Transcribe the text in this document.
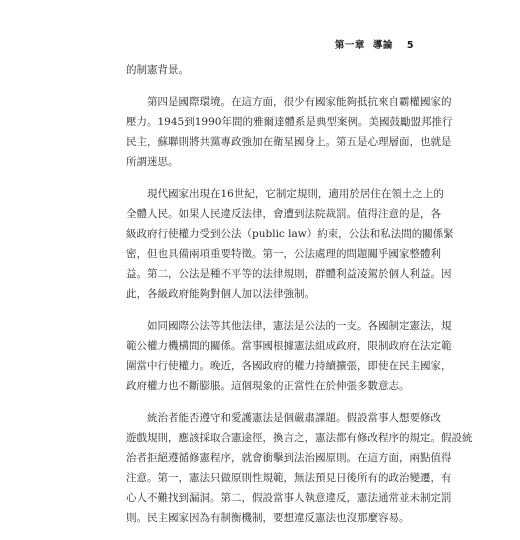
第一章 導論 5
的制憲背景。
第四是國際環境。在這方面，很少有國家能夠抵抗來自霸權國家的
壓力。1945到1990年間的雅爾達體系是典型案例。美國鼓勵盟邦推行
民主，蘇聯則將共黨專政強加在衛星國身上。第五是心理層面，也就是
所謂迷思。
現代國家出現在16世紀，它制定規則，適用於居住在領土之上的
全體人民。如果人民違反法律，會遭到法院裁罰。值得注意的是，各
級政府行使權力受到公法（public law）約束，公法和私法間的關係緊
密，但也具備兩項重要特徵。第一，公法處理的問題關乎國家整體利
益。第二，公法是種不平等的法律規則，群體利益凌駕於個人利益。因
此，各級政府能夠對個人加以法律強制。
如同國際公法等其他法律，憲法是公法的一支。各國制定憲法，規
範公權力機構間的關係。當事國根據憲法組成政府，限制政府在法定範
圍當中行使權力。晚近，各國政府的權力持續擴張，即使在民主國家，
政府權力也不斷膨脹。這個現象的正當性在於伸張多數意志。
統治者能否遵守和愛護憲法是個嚴肅課題。假設當事人想要修改
遊戲規則，應該採取合憲途徑，換言之，憲法都有修改程序的規定。假設統
治者拒絕遵循修憲程序，就會衝擊到法治國原則。在這方面，兩點值得
注意。第一，憲法只做原則性規範，無法預見日後所有的政治變遷，有
心人不難找到漏洞。第二，假設當事人執意違反，憲法通常並未制定罰
則。民主國家因為有制衡機制，要想違反憲法也沒那麼容易。
